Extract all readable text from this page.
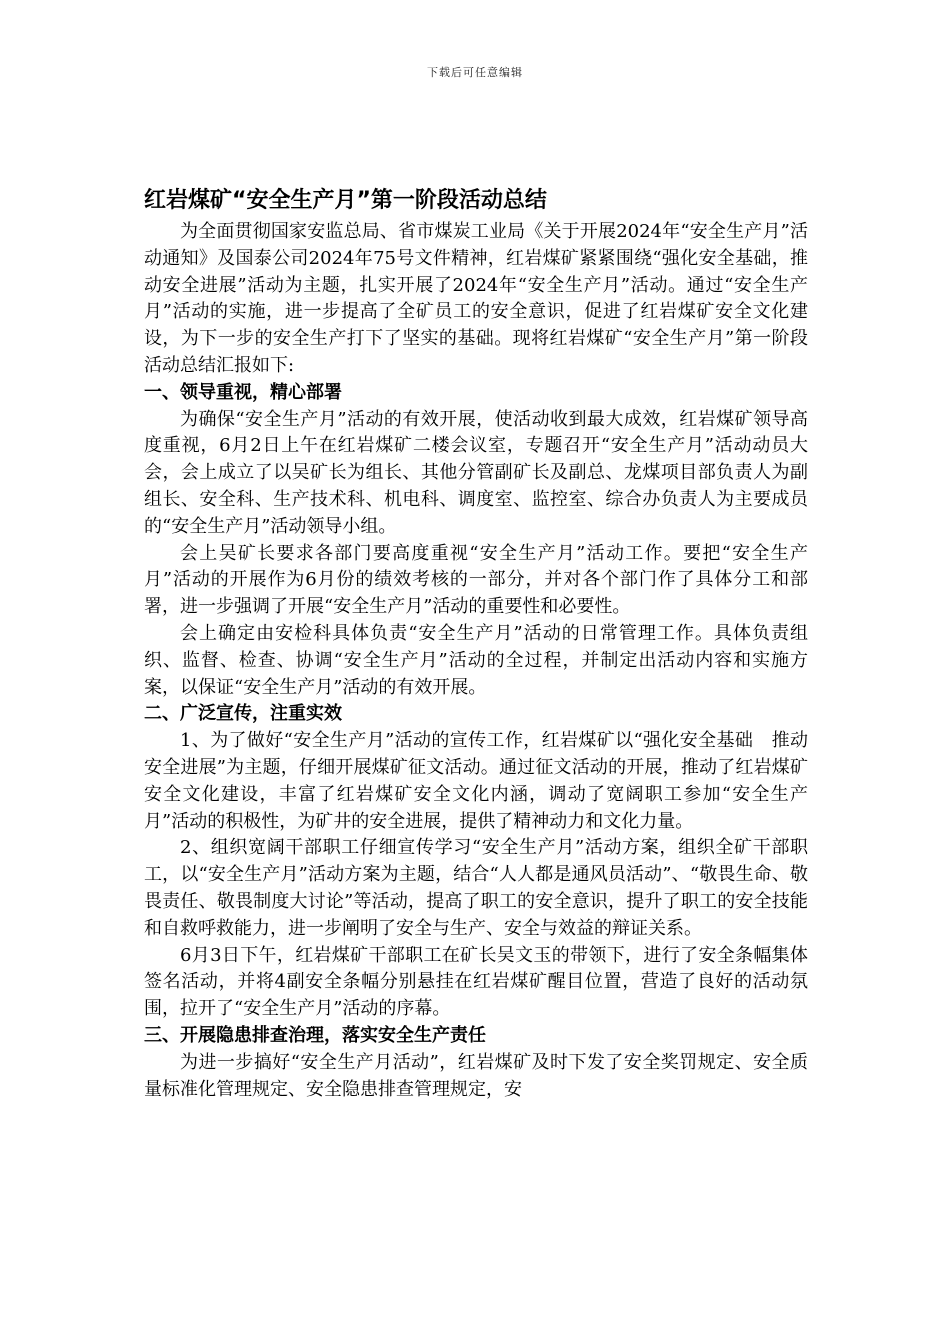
下载后可任意编辑
红岩煤矿“安全生产月”第一阶段活动总结

为全面贯彻国家安监总局、省市煤炭工业局《关于开展2024年“安全生产月”活动通知》及国泰公司2024年75号文件精神，红岩煤矿紧紧围绕“强化安全基础，推动安全进展”活动为主题，扎实开展了2024年“安全生产月”活动。通过“安全生产月”活动的实施，进一步提高了全矿员工的安全意识，促进了红岩煤矿安全文化建设，为下一步的安全生产打下了坚实的基础。现将红岩煤矿“安全生产月”第一阶段活动总结汇报如下:

一、领导重视，精心部署

为确保“安全生产月”活动的有效开展，使活动收到最大成效，红岩煤矿领导高度重视，6月2日上午在红岩煤矿二楼会议室，专题召开“安全生产月”活动动员大会，会上成立了以吴矿长为组长、其他分管副矿长及副总、龙煤项目部负责人为副组长、安全科、生产技术科、机电科、调度室、监控室、综合办负责人为主要成员的“安全生产月”活动领导小组。

会上吴矿长要求各部门要高度重视“安全生产月”活动工作。要把“安全生产月”活动的开展作为6月份的绩效考核的一部分，并对各个部门作了具体分工和部署，进一步强调了开展“安全生产月”活动的重要性和必要性。

会上确定由安检科具体负责“安全生产月”活动的日常管理工作。具体负责组织、监督、检查、协调“安全生产月”活动的全过程，并制定出活动内容和实施方案，以保证“安全生产月”活动的有效开展。

二、广泛宣传，注重实效

1、为了做好“安全生产月”活动的宣传工作，红岩煤矿以“强化安全基础　推动安全进展”为主题，仔细开展煤矿征文活动。通过征文活动的开展，推动了红岩煤矿安全文化建设，丰富了红岩煤矿安全文化内涵，调动了宽阔职工参加“安全生产月”活动的积极性，为矿井的安全进展，提供了精神动力和文化力量。

2、组织宽阔干部职工仔细宣传学习“安全生产月”活动方案，组织全矿干部职工，以“安全生产月”活动方案为主题，结合“人人都是通风员活动”、“敬畏生命、敬畏责任、敬畏制度大讨论”等活动，提高了职工的安全意识，提升了职工的安全技能和自救呼救能力，进一步阐明了安全与生产、安全与效益的辩证关系。

6月3日下午，红岩煤矿干部职工在矿长吴文玉的带领下，进行了安全条幅集体签名活动，并将4副安全条幅分别悬挂在红岩煤矿醒目位置，营造了良好的活动氛围，拉开了“安全生产月”活动的序幕。

三、开展隐患排查治理，落实安全生产责任

为进一步搞好“安全生产月活动”，红岩煤矿及时下发了安全奖罚规定、安全质量标准化管理规定、安全隐患排查管理规定，安
